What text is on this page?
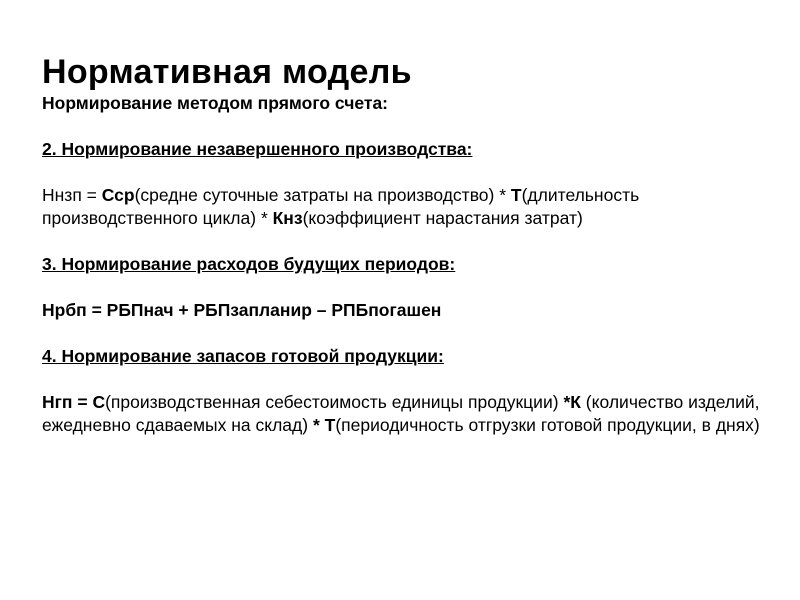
Нормативная модель

Нормирование методом прямого счета:

2. Нормирование незавершенного производства:

Ннзп = Сср(средне суточные затраты на производство) * Т(длительность производственного цикла) * Кнз(коэффициент нарастания затрат)

3. Нормирование расходов будущих периодов:

Нрбп = РБПнач + РБПзапланир – РПБпогашен

4. Нормирование запасов готовой продукции:

Нгп = С(производственная себестоимость единицы продукции) *К (количество изделий, ежедневно сдаваемых на склад) * Т(периодичность отгрузки готовой продукции, в днях)
